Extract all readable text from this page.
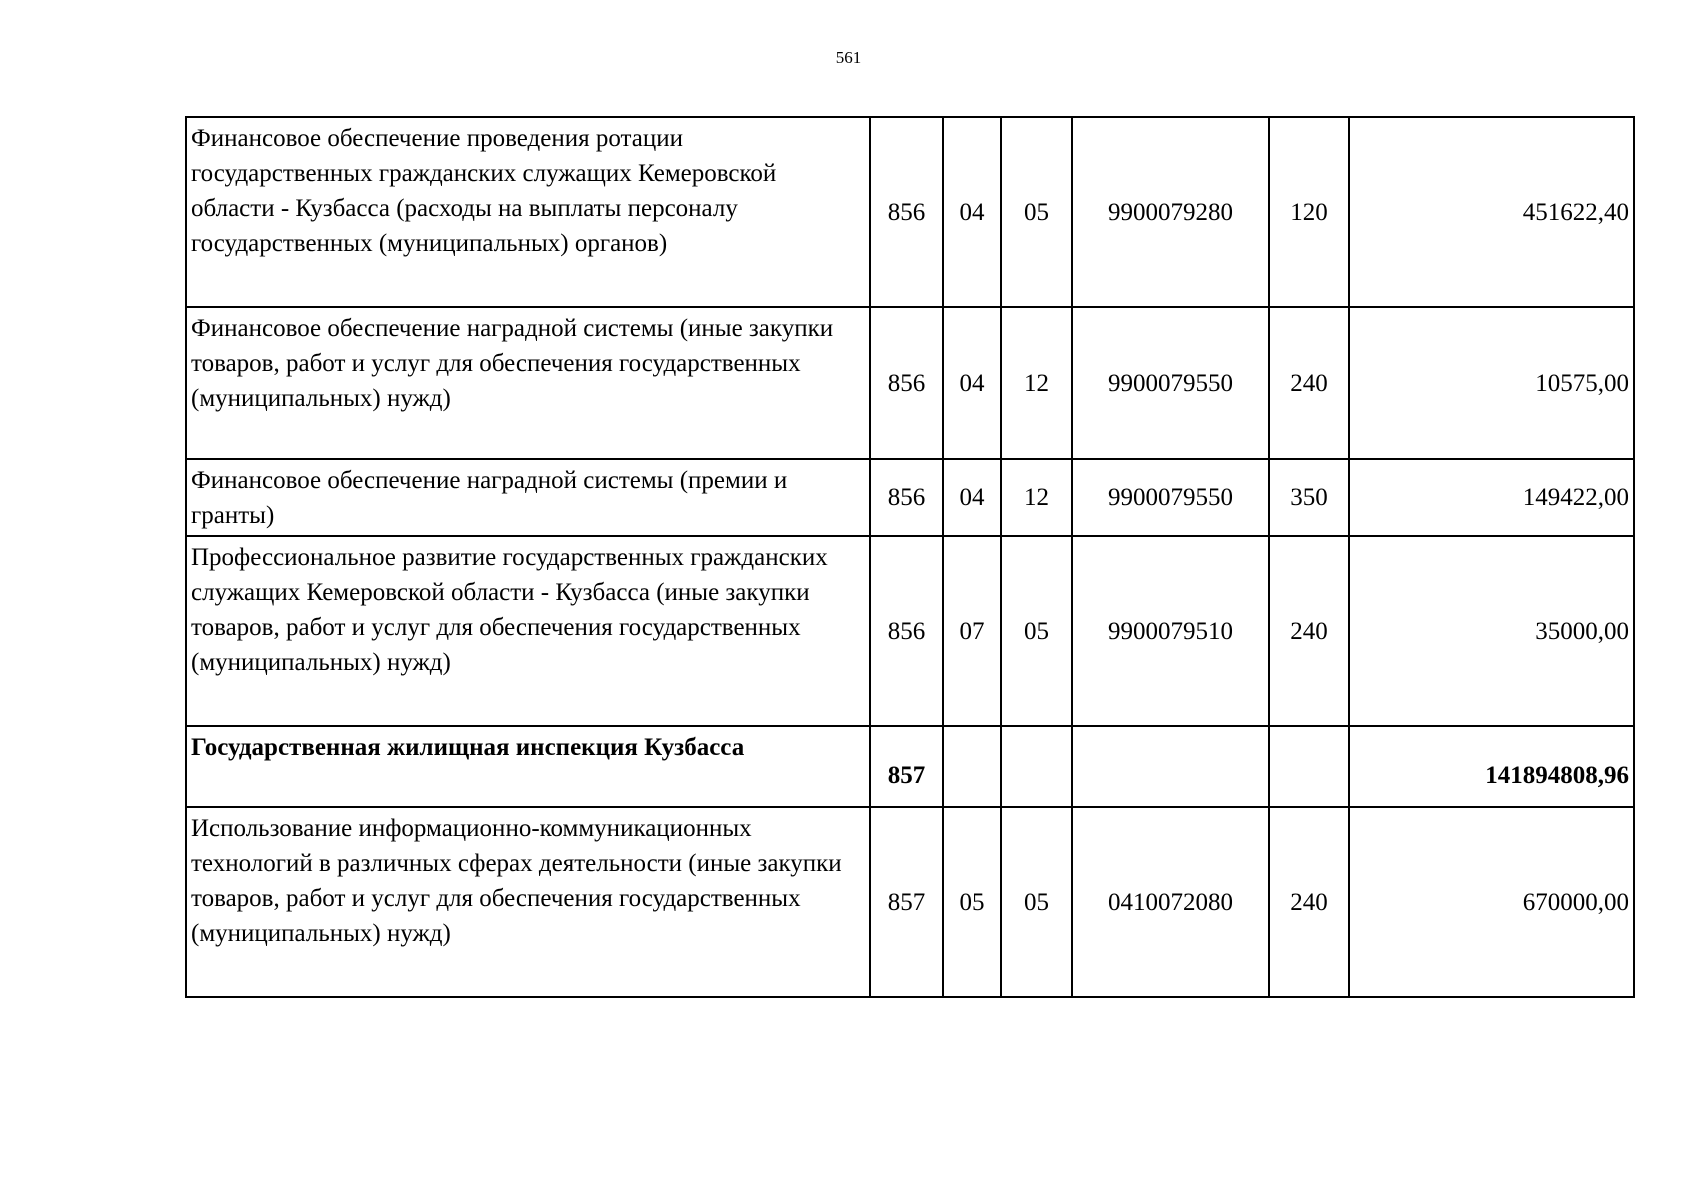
561
Финансовое обеспечение проведения ротации государственных гражданских служащих Кемеровской области - Кузбасса (расходы на выплаты персоналу государственных (муниципальных) органов)	856	04	05	9900079280	120	451622,40
Финансовое обеспечение наградной системы (иные закупки товаров, работ и услуг для обеспечения государственных (муниципальных) нужд)	856	04	12	9900079550	240	10575,00
Финансовое обеспечение наградной системы (премии и гранты)	856	04	12	9900079550	350	149422,00
Профессиональное развитие государственных гражданских служащих Кемеровской области - Кузбасса (иные закупки товаров, работ и услуг для обеспечения государственных (муниципальных) нужд)	856	07	05	9900079510	240	35000,00
Государственная жилищная инспекция Кузбасса	857					141894808,96
Использование информационно-коммуникационных технологий в различных сферах деятельности (иные закупки товаров, работ и услуг для обеспечения государственных (муниципальных) нужд)	857	05	05	0410072080	240	670000,00
